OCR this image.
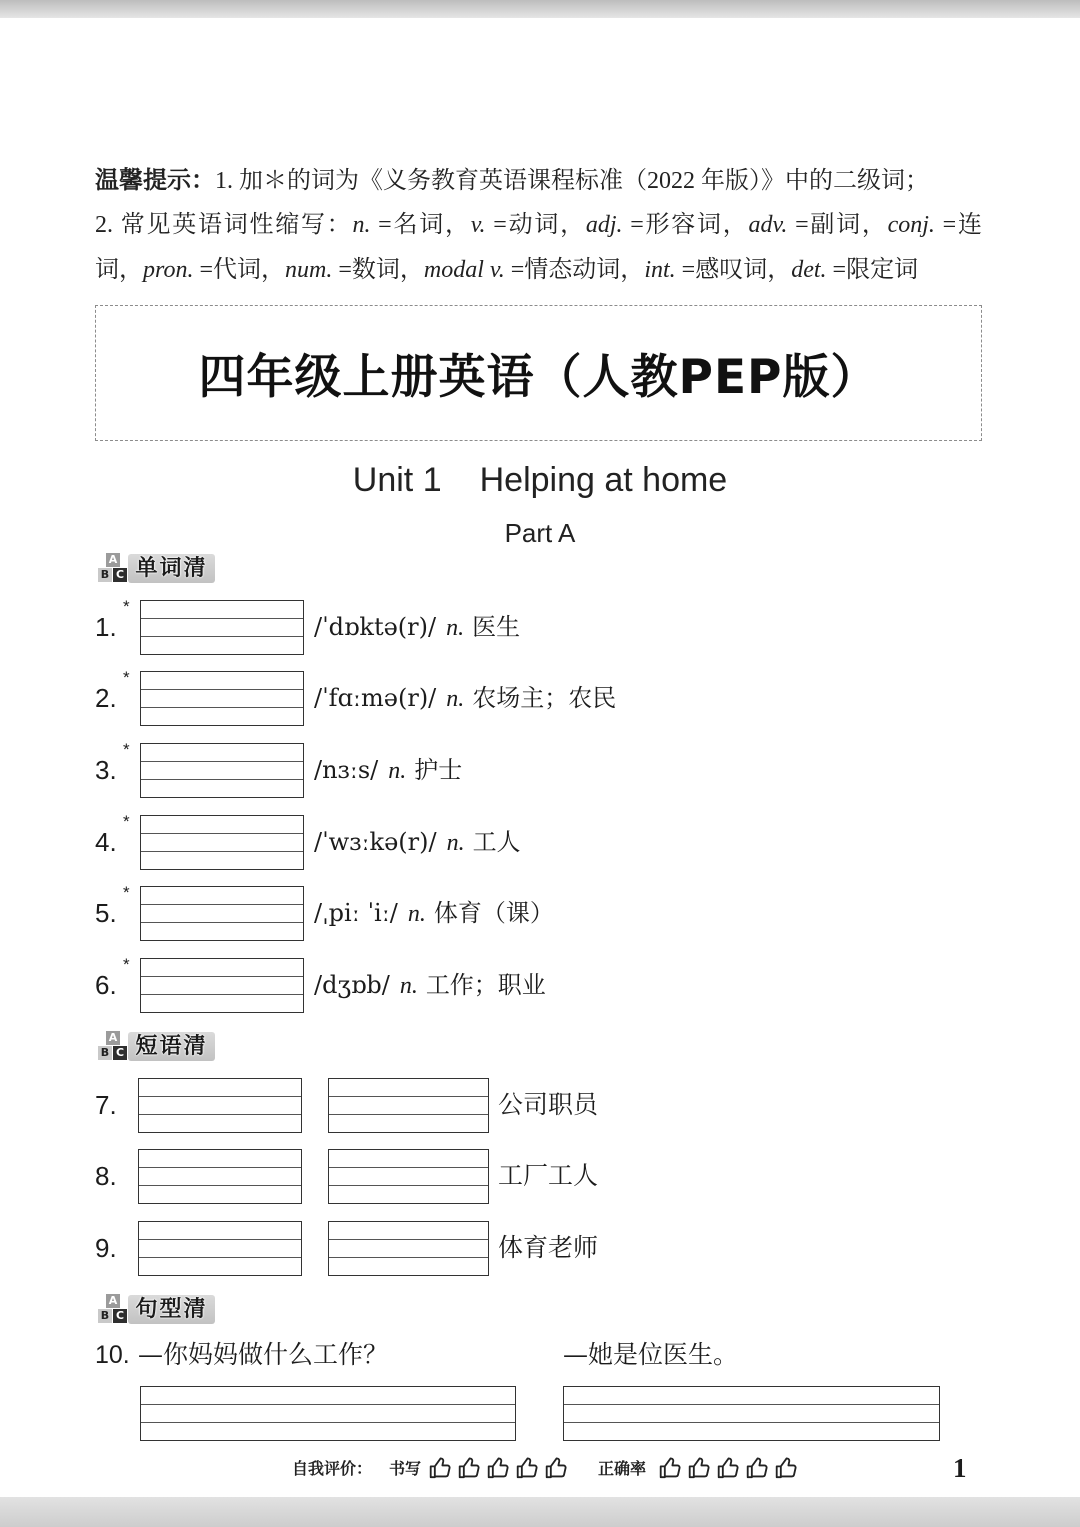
温馨提示：1. 加＊的词为《义务教育英语课程标准（2022 年版）》中的二级词；
2. 常见英语词性缩写：n. =名词，v. =动词，adj. =形容词，adv. =副词，conj. =连
词，pron. =代词，num. =数词，modal v. =情态动词，int. =感叹词，det. =限定词
四年级上册英语（人教PEP版）
Unit 1 Helping at home
Part A
A
B C 单词清
1.
*
/ˈdɒktə(r)/ n. 医生
2.
*
/ˈfɑːmə(r)/ n. 农场主；农民
3.
*
/nɜːs/ n. 护士
4.
*
/ˈwɜːkə(r)/ n. 工人
5.
*
/ˌpiː ˈiː/ n. 体育（课）
6.
*
/dʒɒb/ n. 工作；职业
A
B C 短语清
7.	公司职员
8.	工厂工人
9.	体育老师
A
B C 句型清
10. —你妈妈做什么工作？	—她是位医生。
自我评价： 书写	正确率	1
